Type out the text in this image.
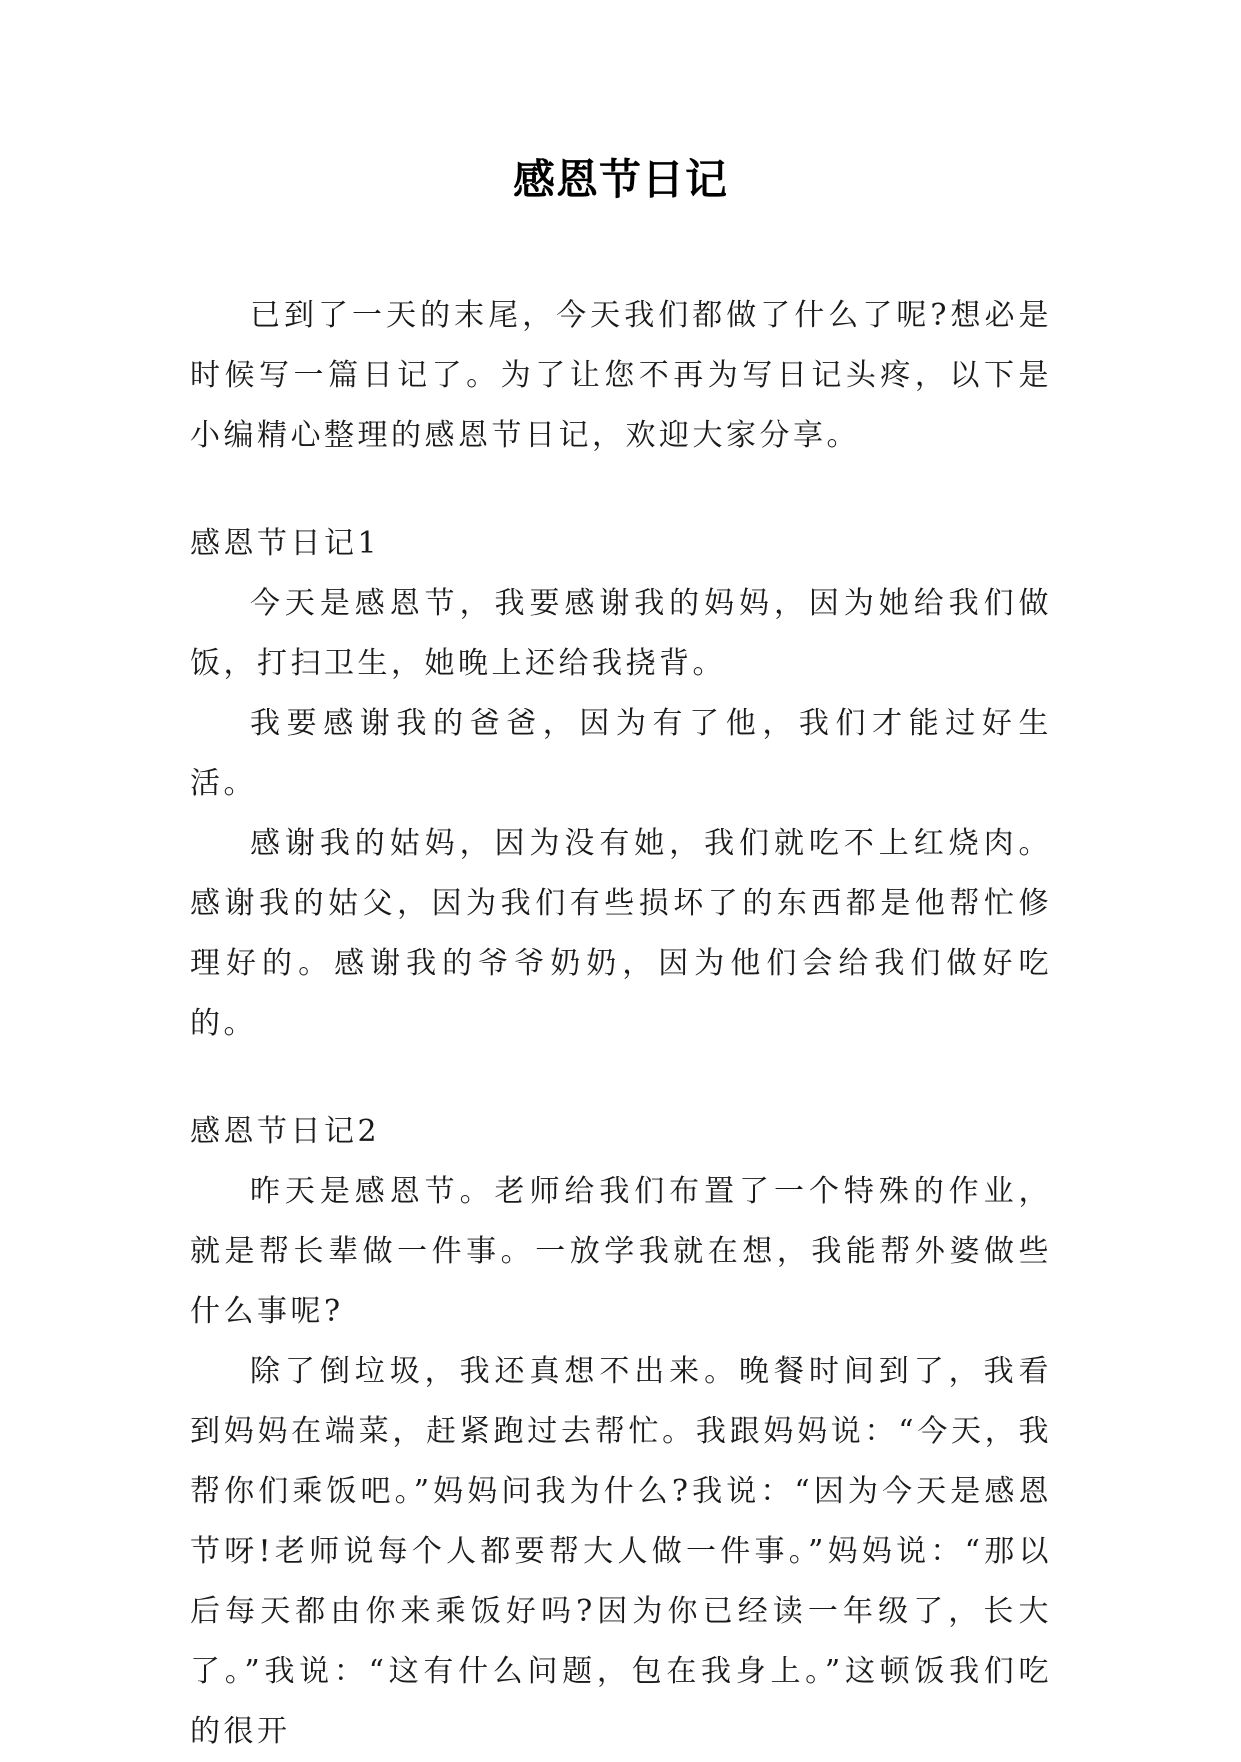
感恩节日记

已到了一天的末尾，今天我们都做了什么了呢?想必是时候写一篇日记了。为了让您不再为写日记头疼，以下是小编精心整理的感恩节日记，欢迎大家分享。

感恩节日记1

今天是感恩节，我要感谢我的妈妈，因为她给我们做饭，打扫卫生，她晚上还给我挠背。

我要感谢我的爸爸，因为有了他，我们才能过好生活。

感谢我的姑妈，因为没有她，我们就吃不上红烧肉。感谢我的姑父，因为我们有些损坏了的东西都是他帮忙修理好的。感谢我的爷爷奶奶，因为他们会给我们做好吃的。

感恩节日记2

昨天是感恩节。老师给我们布置了一个特殊的作业，就是帮长辈做一件事。一放学我就在想，我能帮外婆做些什么事呢?

除了倒垃圾，我还真想不出来。晚餐时间到了，我看到妈妈在端菜，赶紧跑过去帮忙。我跟妈妈说：“今天，我帮你们乘饭吧。”妈妈问我为什么?我说：“因为今天是感恩节呀!老师说每个人都要帮大人做一件事。”妈妈说：“那以后每天都由你来乘饭好吗?因为你已经读一年级了，长大了。”我说：“这有什么问题，包在我身上。”这顿饭我们吃的很开
